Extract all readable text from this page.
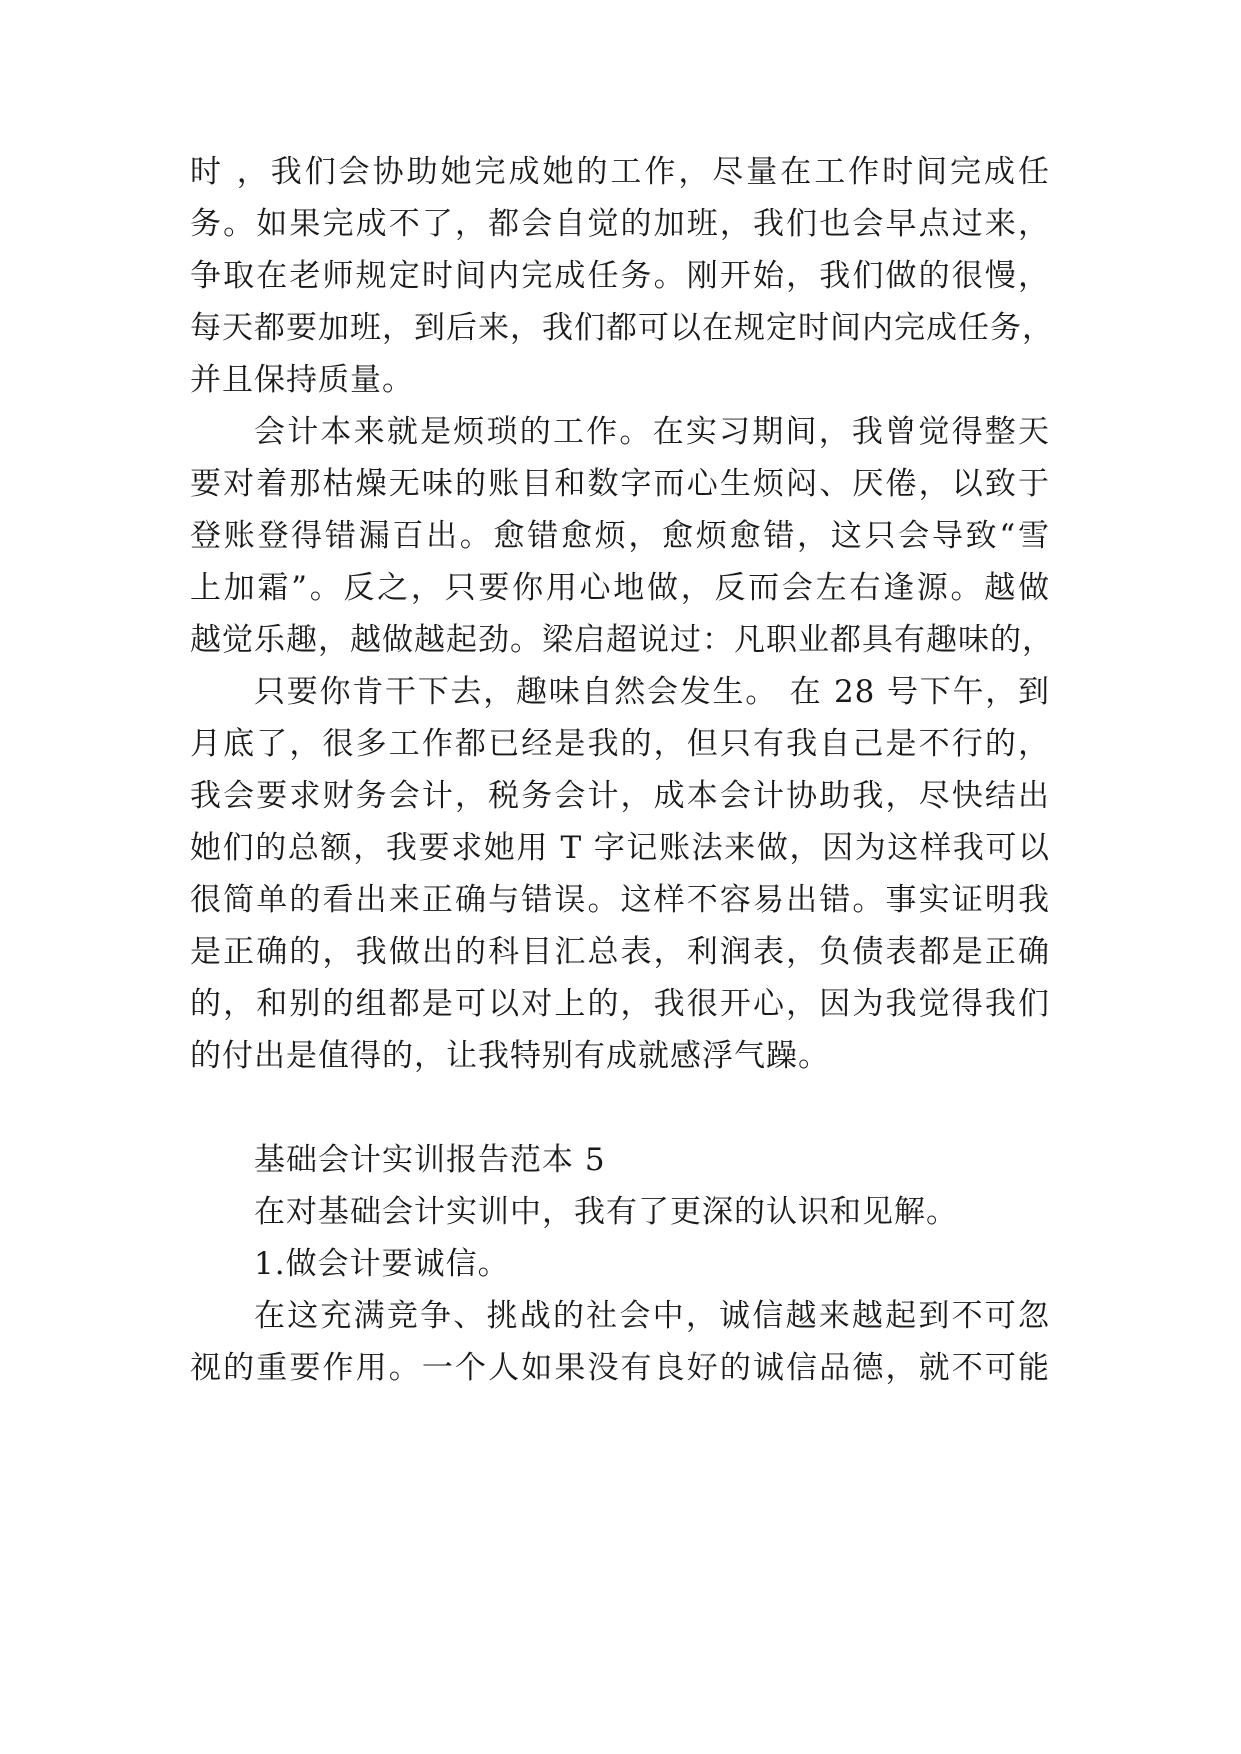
时 ，我们会协助她完成她的工作，尽量在工作时间完成任
务。如果完成不了，都会自觉的加班，我们也会早点过来，
争取在老师规定时间内完成任务。刚开始，我们做的很慢，
每天都要加班，到后来，我们都可以在规定时间内完成任务，
并且保持质量。
会计本来就是烦琐的工作。在实习期间，我曾觉得整天
要对着那枯燥无味的账目和数字而心生烦闷、厌倦，以致于
登账登得错漏百出。愈错愈烦，愈烦愈错，这只会导致“雪
上加霜”。反之，只要你用心地做，反而会左右逢源。越做
越觉乐趣，越做越起劲。梁启超说过：凡职业都具有趣味的，
只要你肯干下去，趣味自然会发生。 在 28 号下午，到
月底了，很多工作都已经是我的，但只有我自己是不行的，
我会要求财务会计，税务会计，成本会计协助我，尽快结出
她们的总额，我要求她用 T 字记账法来做，因为这样我可以
很简单的看出来正确与错误。这样不容易出错。事实证明我
是正确的，我做出的科目汇总表，利润表，负债表都是正确
的，和别的组都是可以对上的，我很开心，因为我觉得我们
的付出是值得的，让我特别有成就感浮气躁。
基础会计实训报告范本 5
在对基础会计实训中，我有了更深的认识和见解。
1.做会计要诚信。
在这充满竞争、挑战的社会中，诚信越来越起到不可忽
视的重要作用。一个人如果没有良好的诚信品德，就不可能
